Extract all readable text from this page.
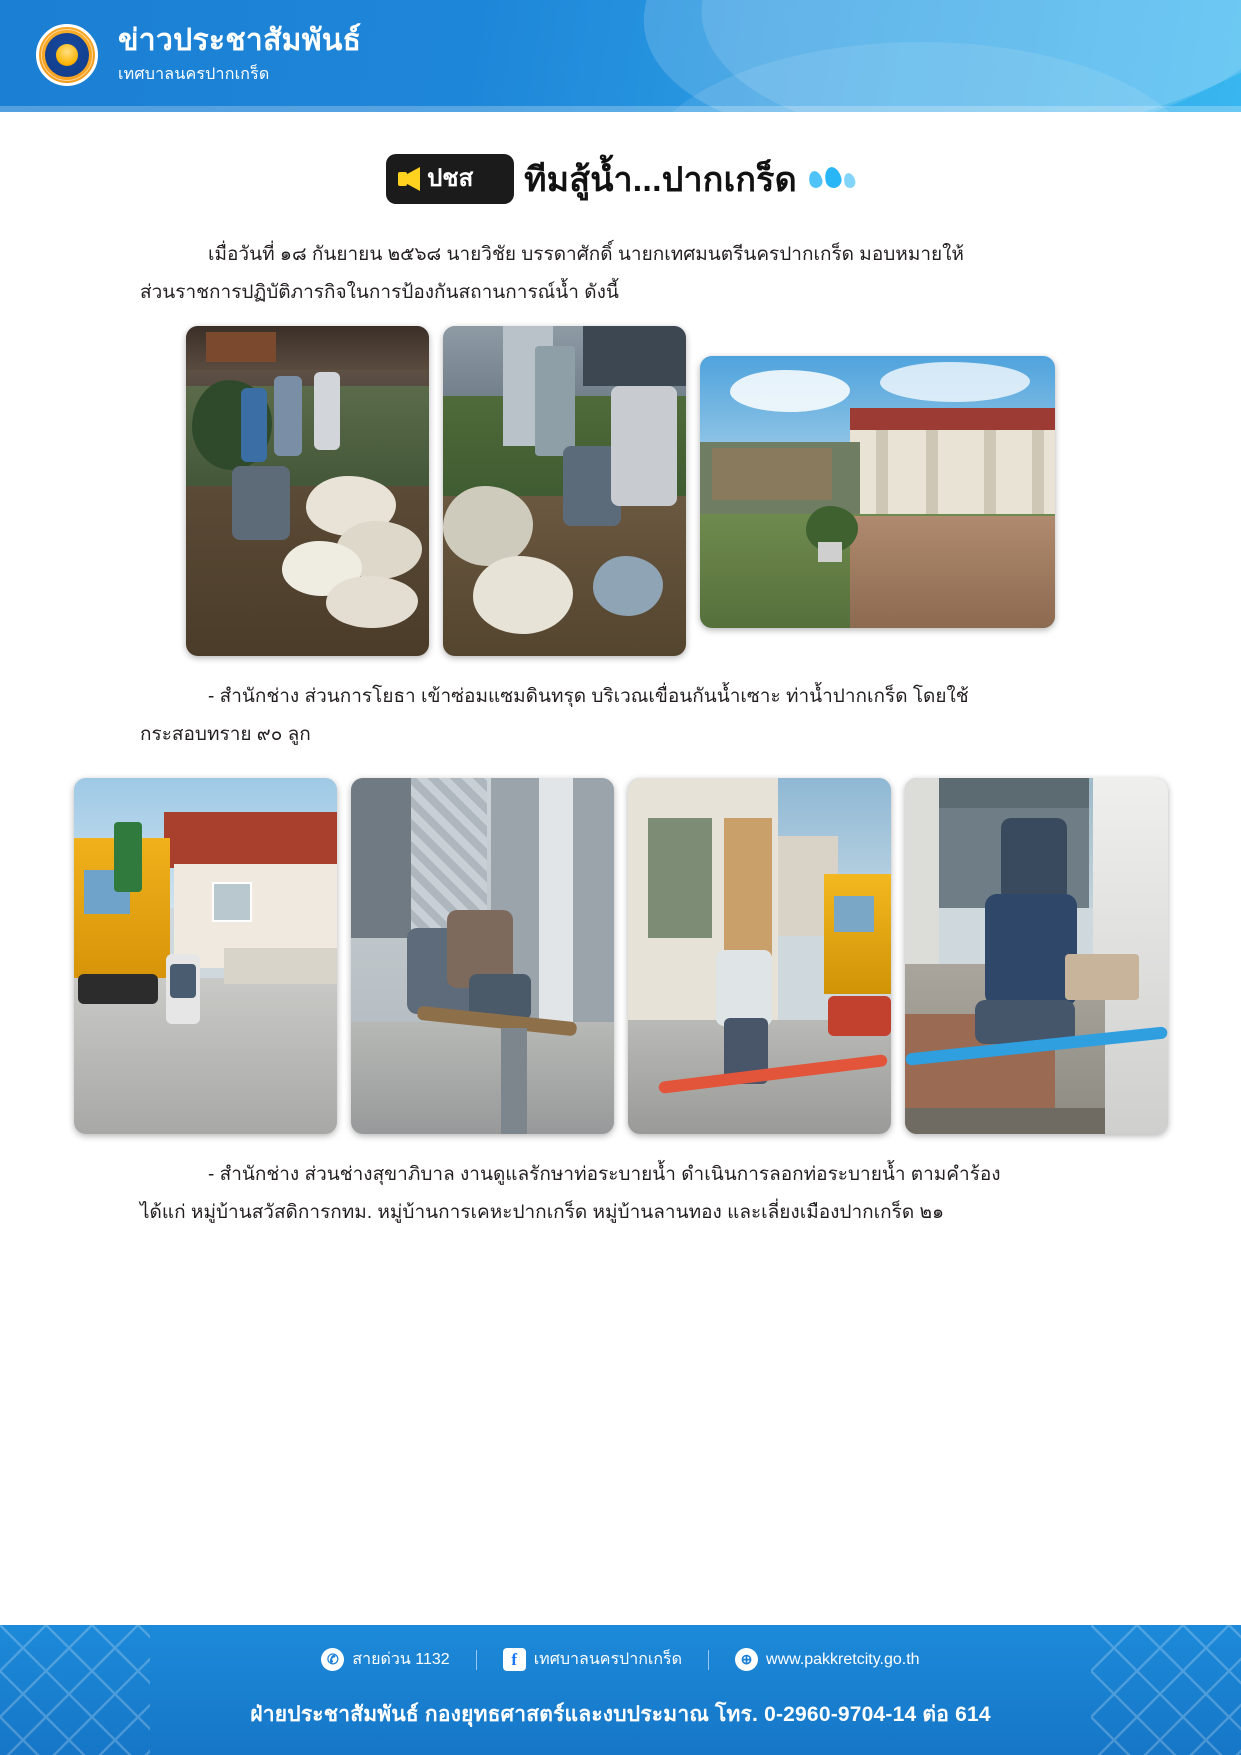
ข่าวประชาสัมพันธ์
เทศบาลนครปากเกร็ด
ปชส ทีมสู้น้ำ...ปากเกร็ด

เมื่อวันที่ ๑๘ กันยายน ๒๕๖๘ นายวิชัย บรรดาศักดิ์ นายกเทศมนตรีนครปากเกร็ด มอบหมายให้

ส่วนราชการปฏิบัติภารกิจในการป้องกันสถานการณ์น้ำ ดังนี้

- สำนักช่าง ส่วนการโยธา เข้าซ่อมแซมดินทรุด บริเวณเขื่อนกันน้ำเซาะ ท่าน้ำปากเกร็ด โดยใช้

กระสอบทราย ๙๐ ลูก

- สำนักช่าง ส่วนช่างสุขาภิบาล งานดูแลรักษาท่อระบายน้ำ ดำเนินการลอกท่อระบายน้ำ ตามคำร้อง

ได้แก่ หมู่บ้านสวัสดิการกทม. หมู่บ้านการเคหะปากเกร็ด หมู่บ้านลานทอง และเลี่ยงเมืองปากเกร็ด ๒๑

✆ สายด่วน 1132	f	เทศบาลนครปากเกร็ด	⊕ www.pakkretcity.go.th
ฝ่ายประชาสัมพันธ์ กองยุทธศาสตร์และงบประมาณ โทร. 0-2960-9704-14 ต่อ 614
